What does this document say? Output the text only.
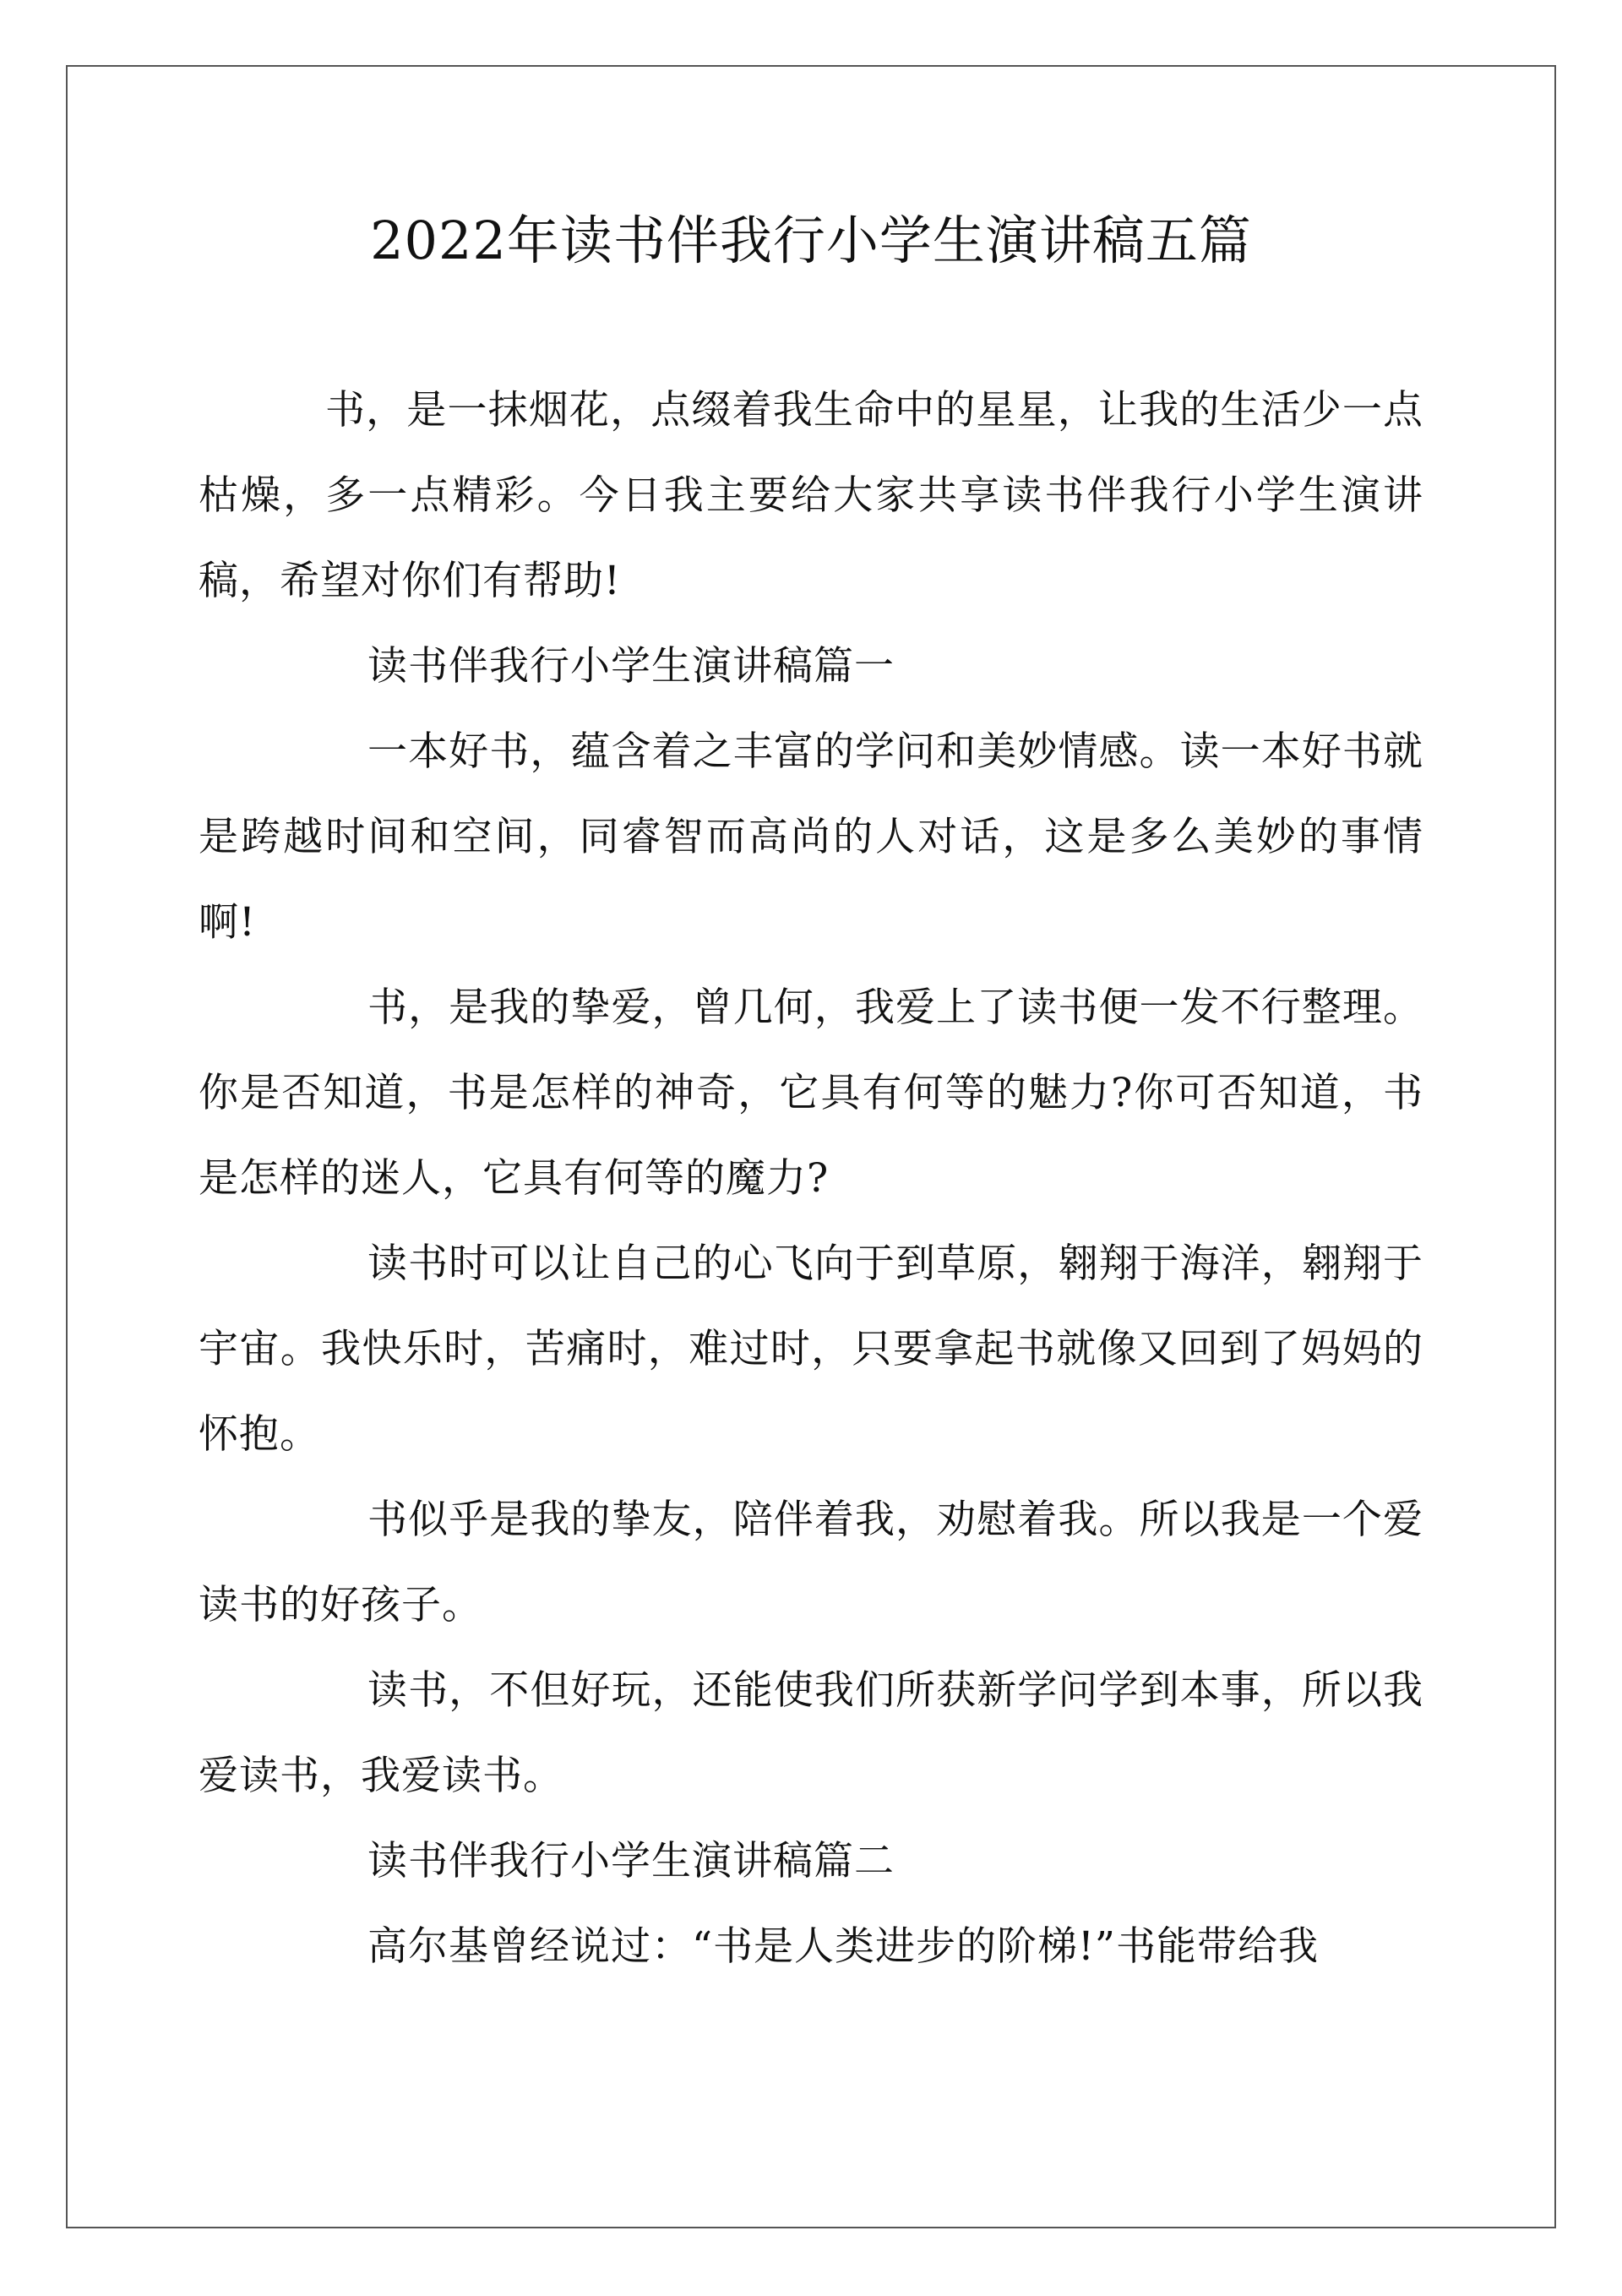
2022年读书伴我行小学生演讲稿五篇

书，是一抹烟花，点缀着我生命中的星星，让我的生活少一点枯燥，多一点精彩。今日我主要给大家共享读书伴我行小学生演讲稿，希望对你们有帮助!

读书伴我行小学生演讲稿篇一

一本好书，蕴含着之丰富的学问和美妙情感。读一本好书就是跨越时间和空间，同睿智而高尚的人对话，这是多么美妙的事情啊!

书，是我的挚爱，曾几何，我爱上了读书便一发不行整理。你是否知道，书是怎样的神奇，它具有何等的魅力?你可否知道，书是怎样的迷人，它具有何等的魔力?

读书时可以让自己的心飞向于到草原，翱翔于海洋，翱翔于宇宙。我快乐时，苦痛时，难过时，只要拿起书就像又回到了妈妈的怀抱。

书似乎是我的挚友，陪伴着我，劝慰着我。所以我是一个爱读书的好孩子。

读书，不但好玩，还能使我们所获新学问学到本事，所以我爱读书，我爱读书。

读书伴我行小学生演讲稿篇二

高尔基曾经说过：“书是人类进步的阶梯!”书能带给我
